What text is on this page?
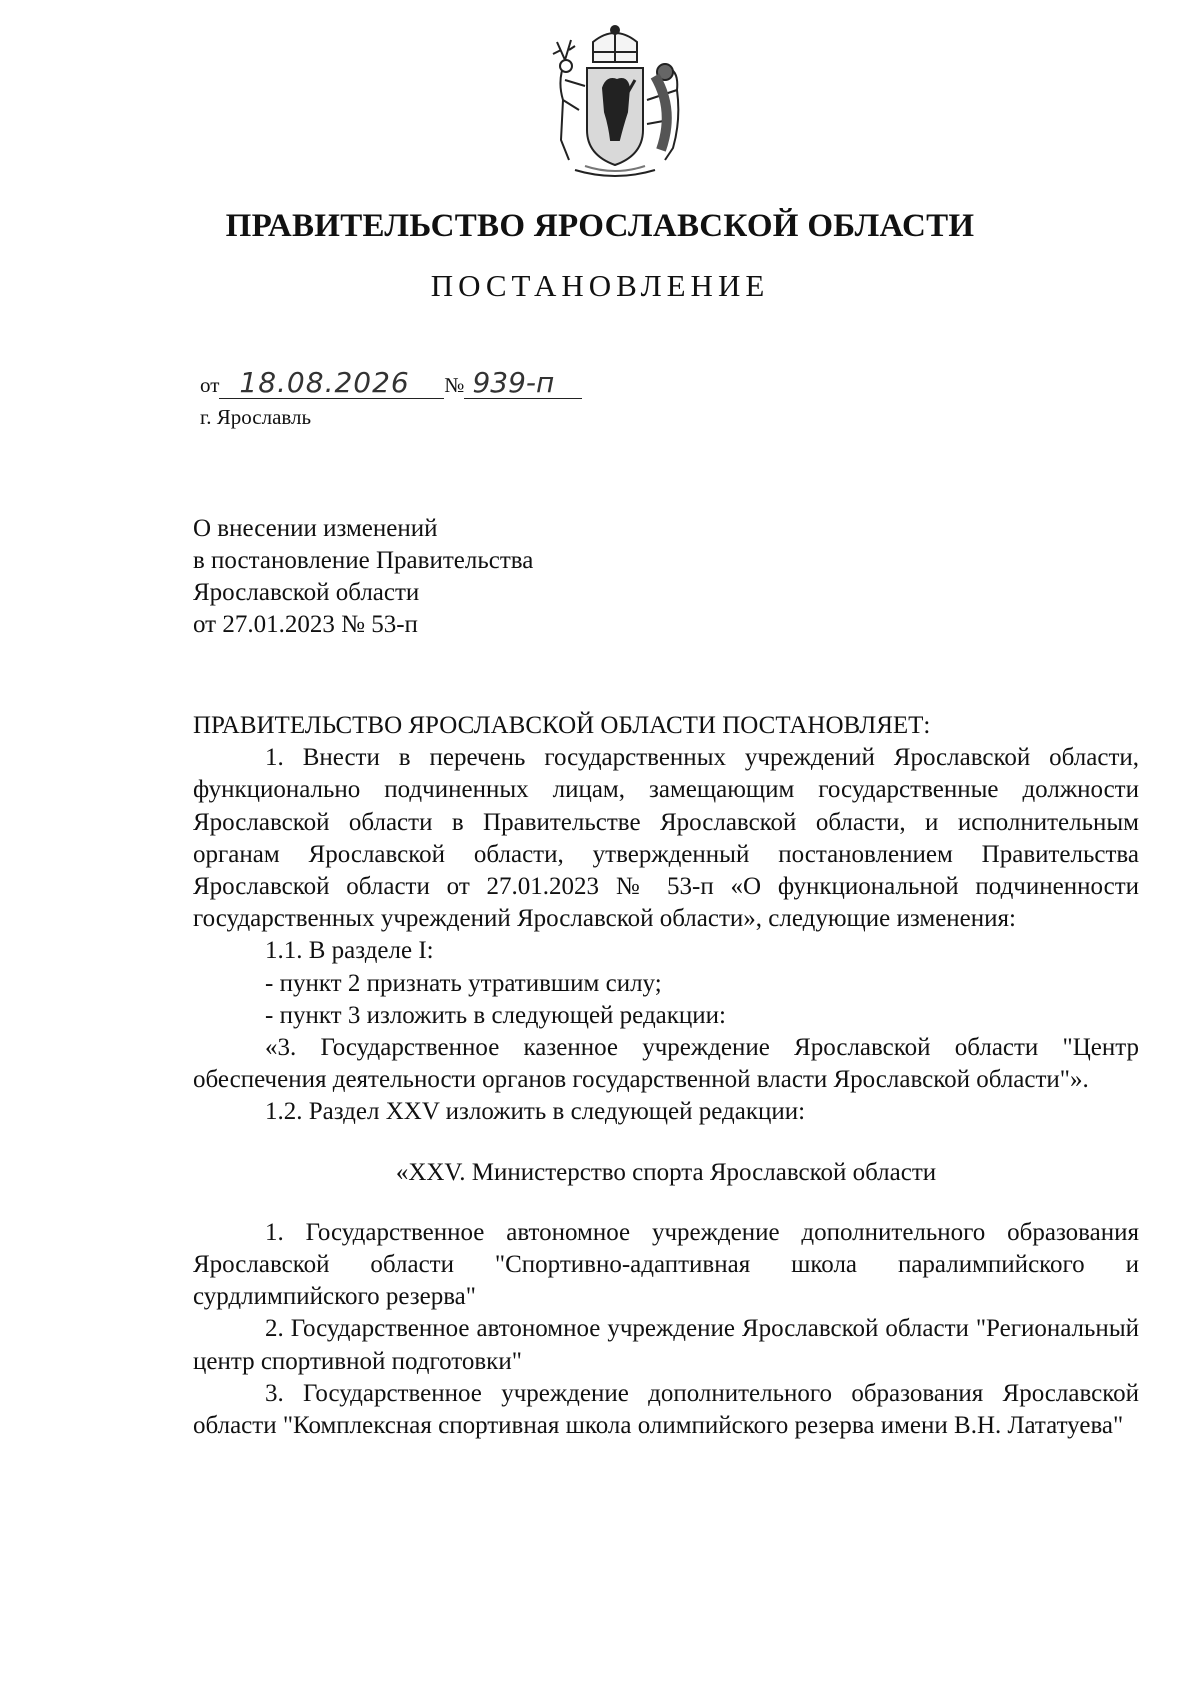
ПРАВИТЕЛЬСТВО ЯРОСЛАВСКОЙ ОБЛАСТИ
ПОСТАНОВЛЕНИЕ
от 18.08.2026 № 939-п
г. Ярославль
О внесении изменений
в постановление Правительства
Ярославской области
от 27.01.2023 № 53-п

ПРАВИТЕЛЬСТВО ЯРОСЛАВСКОЙ ОБЛАСТИ ПОСТАНОВЛЯЕТ:

1. Внести в перечень государственных учреждений Ярославской области, функционально подчиненных лицам, замещающим государственные должности Ярославской области в Правительстве Ярославской области, и исполнительным органам Ярославской области, утвержденный постановлением Правительства Ярославской области от 27.01.2023 № 53-п «О функциональной подчиненности государственных учреждений Ярославской области», следующие изменения:

1.1. В разделе I:

- пункт 2 признать утратившим силу;

- пункт 3 изложить в следующей редакции:

«3. Государственное казенное учреждение Ярославской области "Центр обеспечения деятельности органов государственной власти Ярославской области"».

1.2. Раздел XXV изложить в следующей редакции:

«XXV. Министерство спорта Ярославской области

1. Государственное автономное учреждение дополнительного образования Ярославской области "Спортивно-адаптивная школа паралимпийского и сурдлимпийского резерва"

2. Государственное автономное учреждение Ярославской области "Региональный центр спортивной подготовки"

3. Государственное учреждение дополнительного образования Ярославской области "Комплексная спортивная школа олимпийского резерва имени В.Н. Лататуева"
